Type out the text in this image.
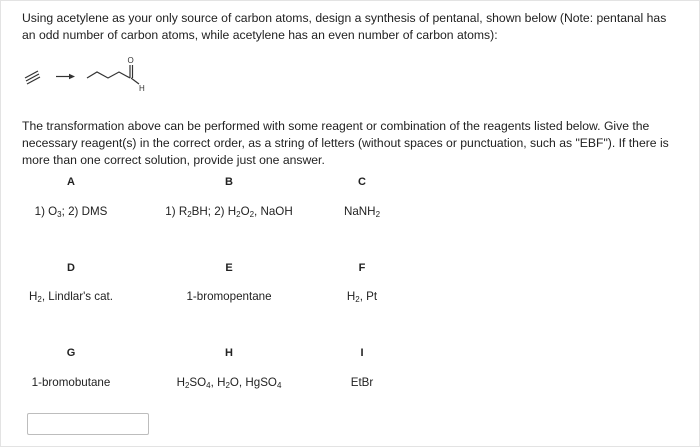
Using acetylene as your only source of carbon atoms, design a synthesis of pentanal, shown below (Note: pentanal has an odd number of carbon atoms, while acetylene has an even number of carbon atoms):
O
H
The transformation above can be performed with some reagent or combination of the reagents listed below. Give the necessary reagent(s) in the correct order, as a string of letters (without spaces or punctuation, such as "EBF"). If there is more than one correct solution, provide just one answer.
A
1) $O_3$; 2) DMS
B
1) $R_2BH$; 2) $H_2O_2$, NaOH
C
NaNH$_2$
D
$H_2$, Lindlar's cat.
E
1-bromopentane
F
$H_2$, Pt
G
1-bromobutane
H
$H_2SO_4$, $H_2O$, HgSO$_4$
I
EtBr
